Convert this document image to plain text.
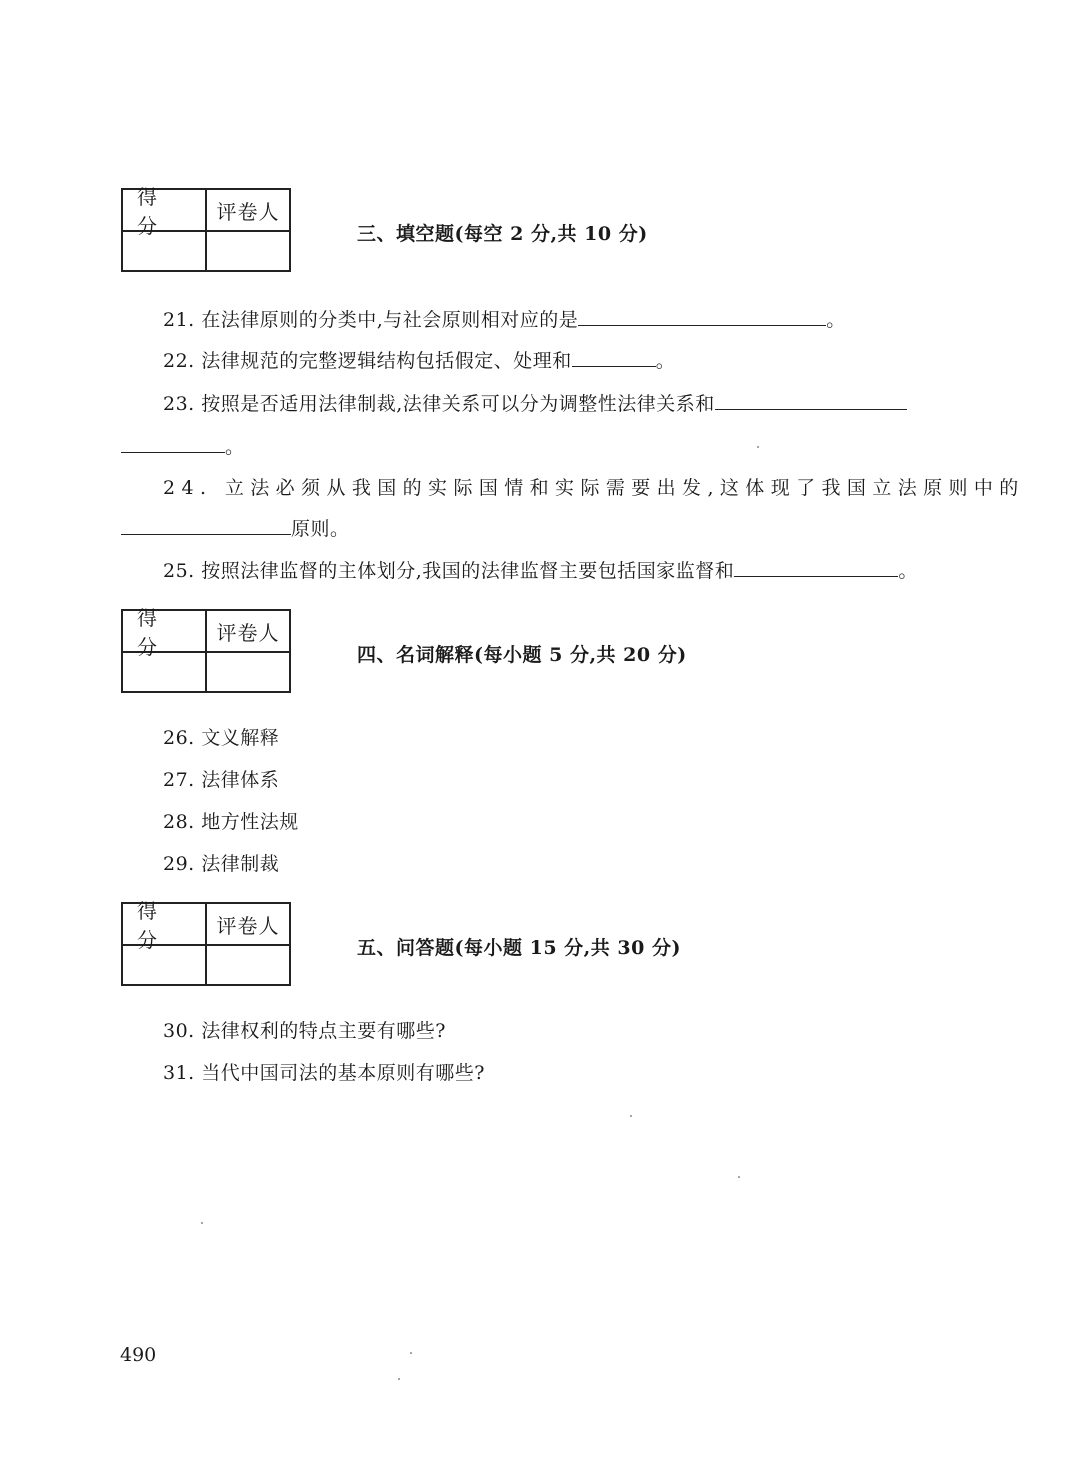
得 分
评卷人
三、填空题(每空 2 分,共 10 分)
21. 在法律原则的分类中,与社会原则相对应的是	。
22. 法律规范的完整逻辑结构包括假定、处理和	。
23. 按照是否适用法律制裁,法律关系可以分为调整性法律关系和
。
24. 立法必须从我国的实际国情和实际需要出发,这体现了我国立法原则中的
原则。
25. 按照法律监督的主体划分,我国的法律监督主要包括国家监督和	。
得 分
评卷人
四、名词解释(每小题 5 分,共 20 分)
26. 文义解释
27. 法律体系
28. 地方性法规
29. 法律制裁
得 分
评卷人
五、问答题(每小题 15 分,共 30 分)
30. 法律权利的特点主要有哪些?
31. 当代中国司法的基本原则有哪些?
490
